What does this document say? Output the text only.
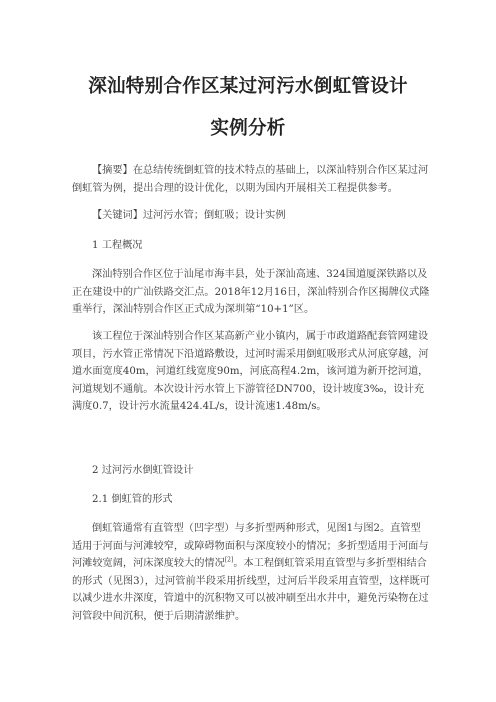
深汕特别合作区某过河污水倒虹管设计
实例分析

【摘要】在总结传统倒虹管的技术特点的基础上，以深汕特别合作区某过河倒虹管为例，提出合理的设计优化，以期为国内开展相关工程提供参考。

【关键词】过河污水管；倒虹吸；设计实例

1 工程概况

深汕特别合作区位于汕尾市海丰县，处于深汕高速、324国道厦深铁路以及正在建设中的广汕铁路交汇点。2018年12月16日，深汕特别合作区揭牌仪式隆重举行，深汕特别合作区正式成为深圳第“10+1”区。

该工程位于深汕特别合作区某高新产业小镇内，属于市政道路配套管网建设项目，污水管正常情况下沿道路敷设，过河时需采用倒虹吸形式从河底穿越，河道水面宽度40m，河道红线宽度90m，河底高程4.2m，该河道为新开挖河道，河道规划不通航。本次设计污水管上下游管径DN700，设计坡度3‰，设计充满度0.7，设计污水流量424.4L/s，设计流速1.48m/s。

2 过河污水倒虹管设计

2.1 倒虹管的形式

倒虹管通常有直管型（凹字型）与多折型两种形式，见图1与图2。直管型适用于河面与河滩较窄，或障碍物面积与深度较小的情况；多折型适用于河面与河滩较宽阔，河床深度较大的情况[2]。本工程倒虹管采用直管型与多折型相结合的形式（见图3），过河管前半段采用折线型，过河后半段采用直管型，这样既可以减少进水井深度，管道中的沉积物又可以被冲刷至出水井中，避免污染物在过河管段中间沉积，便于后期清淤维护。
